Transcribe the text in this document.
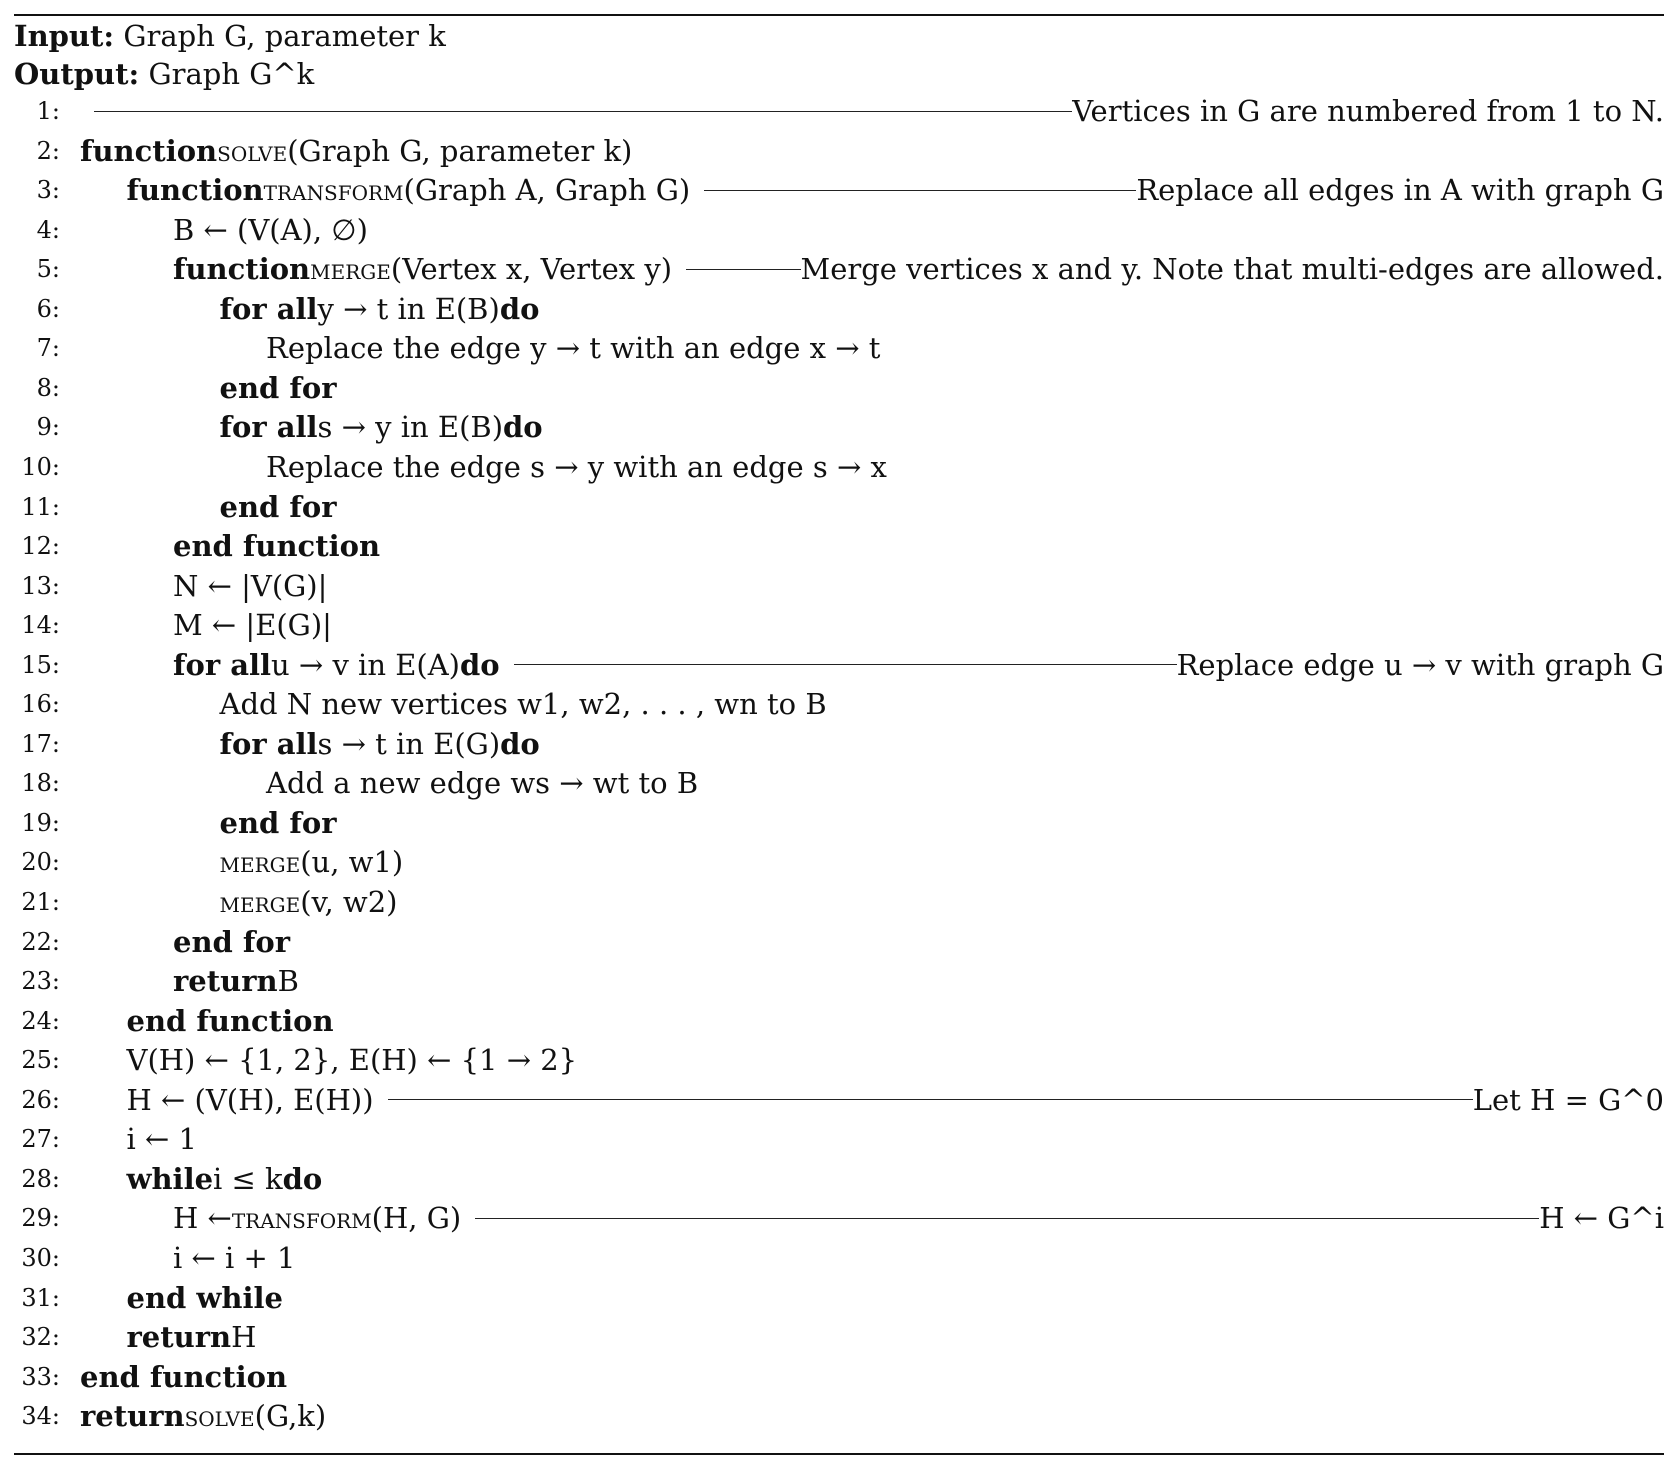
Input: Graph G, parameter k
Output: Graph G^k
1:	Vertices in G are numbered from 1 to N.
2: function solve (Graph G, parameter k)
3: function transform (Graph A, Graph G)	Replace all edges in A with graph G
4:	B ← (V(A), ∅)
5:	function merge (Vertex x, Vertex y)	Merge vertices x and y. Note that multi-edges are allowed.
6:	for all y → t in E(B) do
7:	Replace the edge y → t with an edge x → t
8:	end for
9:	for all s → y in E(B) do
10:	Replace the edge s → y with an edge s → x
11:	end for
12:	end function
13:	N ← |V(G)|
14:	M ← |E(G)|
15:	for all u → v in E(A) do	Replace edge u → v with graph G
16:	Add N new vertices w1, w2, . . . , wn to B
17:	for all s → t in E(G) do
18:	Add a new edge ws → wt to B
19:	end for
20:	merge (u, w1)
21:	merge (v, w2)
22:	end for
23:	return B
24: end function
25: V(H) ← {1, 2}, E(H) ← {1 → 2}
26: H ← (V(H), E(H))	Let H = G^0
27: i ← 1
28: while i ≤ k do
29:	H ← transform (H, G)	H ← G^i
30:	i ← i + 1
31: end while
32: return H
33: end function
34: return solve (G,k)
